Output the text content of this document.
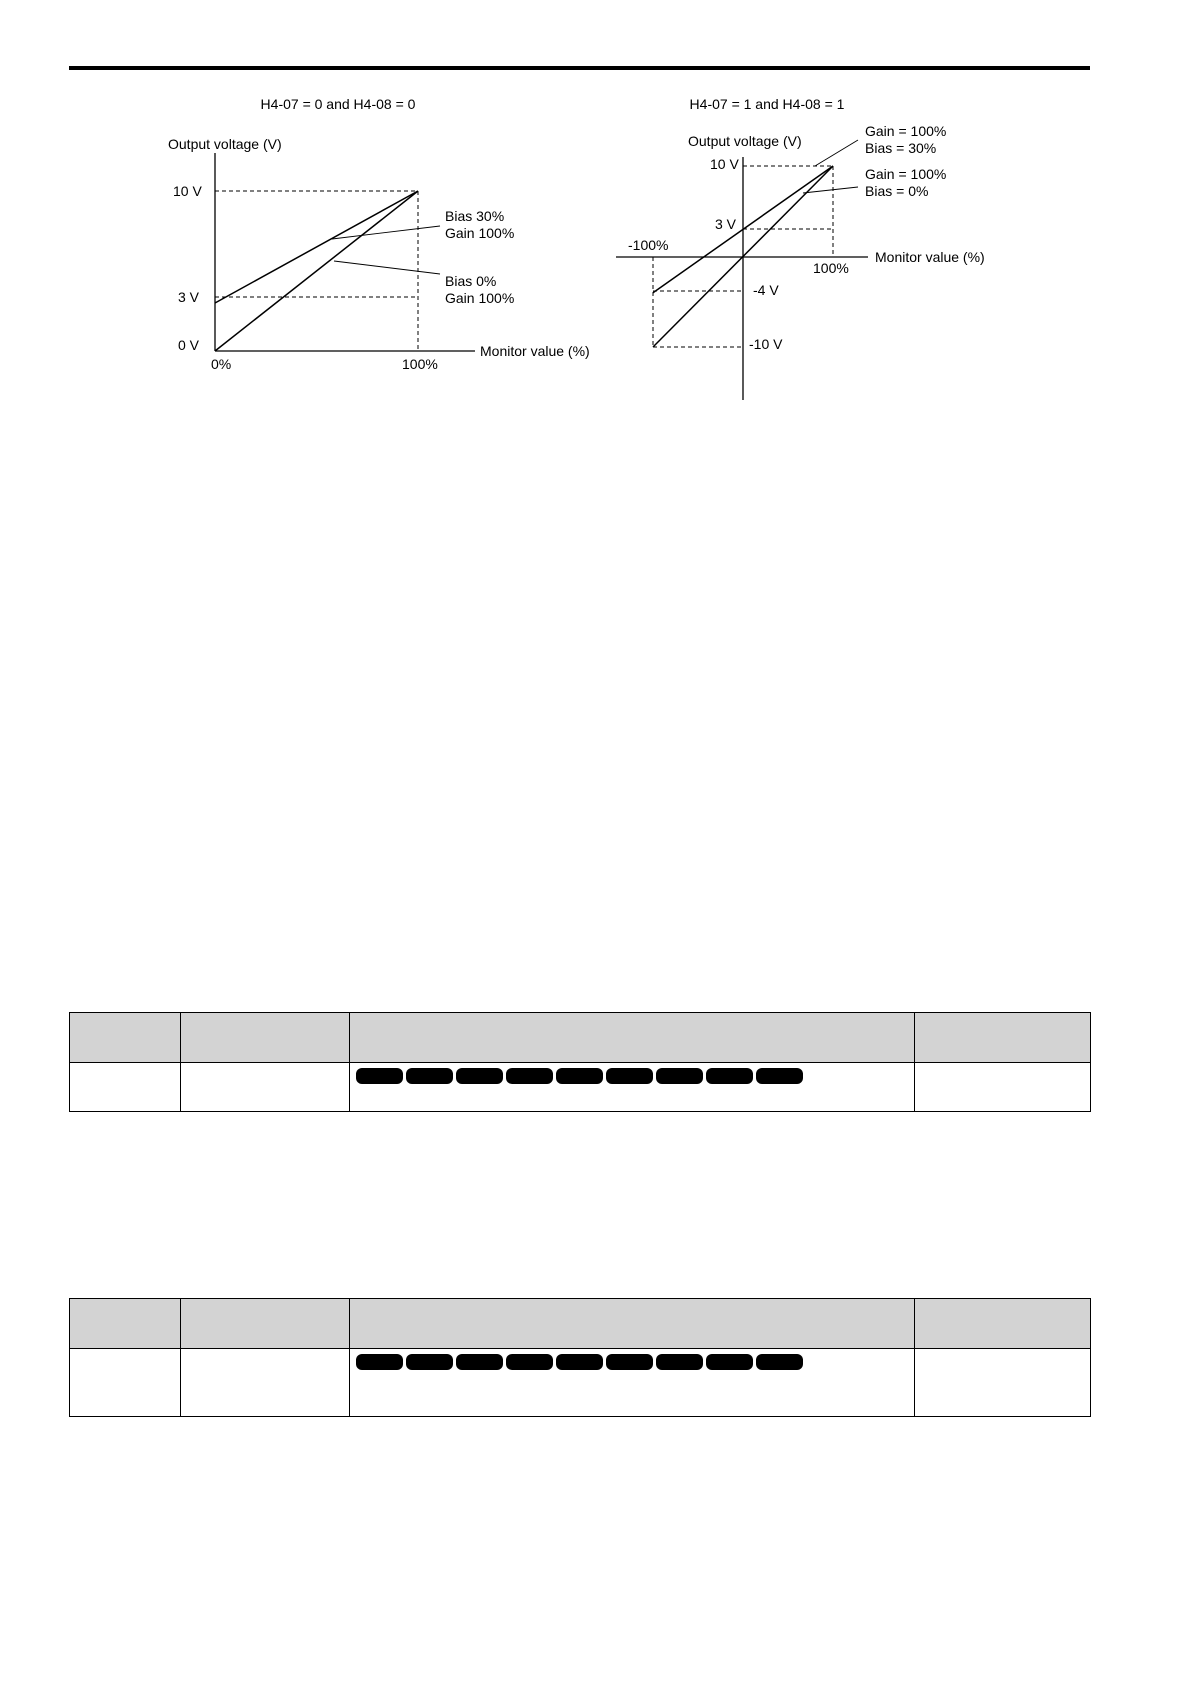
H4-07 = 0 and H4-08 = 0
Output voltage (V)
10 V
3 V
0 V
0%	100%
Monitor value (%)
Bias 30%
Gain 100%
Bias 0%
Gain 100%
H4-07 = 1 and H4-08 = 1
Output voltage (V)
10 V
3 V
-100%
100%
Monitor value (%)
-4 V
-10 V
Gain = 100%
Bias = 30%
Gain = 100%
Bias = 0%
